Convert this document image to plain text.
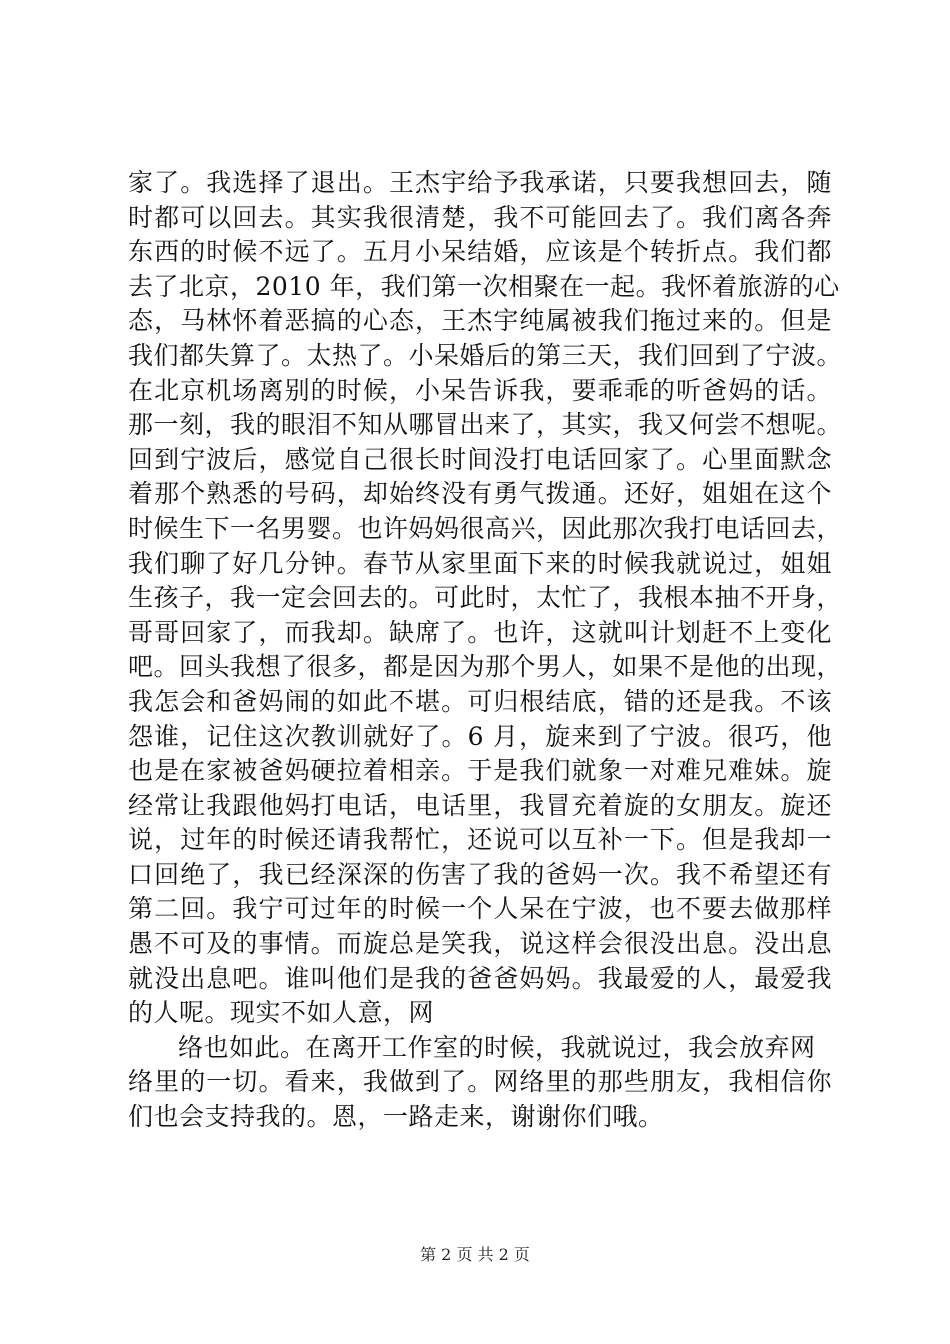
家了。我选择了退出。王杰宇给予我承诺，只要我想回去，随
时都可以回去。其实我很清楚，我不可能回去了。我们离各奔
东西的时候不远了。五月小呆结婚，应该是个转折点。我们都
去了北京，2010 年，我们第一次相聚在一起。我怀着旅游的心
态，马林怀着恶搞的心态，王杰宇纯属被我们拖过来的。但是
我们都失算了。太热了。小呆婚后的第三天，我们回到了宁波。
在北京机场离别的时候，小呆告诉我，要乖乖的听爸妈的话。
那一刻，我的眼泪不知从哪冒出来了，其实，我又何尝不想呢。
回到宁波后，感觉自己很长时间没打电话回家了。心里面默念
着那个熟悉的号码，却始终没有勇气拨通。还好，姐姐在这个
时候生下一名男婴。也许妈妈很高兴，因此那次我打电话回去，
我们聊了好几分钟。春节从家里面下来的时候我就说过，姐姐
生孩子，我一定会回去的。可此时，太忙了，我根本抽不开身，
哥哥回家了，而我却。缺席了。也许，这就叫计划赶不上变化
吧。回头我想了很多，都是因为那个男人，如果不是他的出现，
我怎会和爸妈闹的如此不堪。可归根结底，错的还是我。不该
怨谁，记住这次教训就好了。6 月，旋来到了宁波。很巧，他
也是在家被爸妈硬拉着相亲。于是我们就象一对难兄难妹。旋
经常让我跟他妈打电话，电话里，我冒充着旋的女朋友。旋还
说，过年的时候还请我帮忙，还说可以互补一下。但是我却一
口回绝了，我已经深深的伤害了我的爸妈一次。我不希望还有
第二回。我宁可过年的时候一个人呆在宁波，也不要去做那样
愚不可及的事情。而旋总是笑我，说这样会很没出息。没出息
就没出息吧。谁叫他们是我的爸爸妈妈。我最爱的人，最爱我
的人呢。现实不如人意，网
络也如此。在离开工作室的时候，我就说过，我会放弃网
络里的一切。看来，我做到了。网络里的那些朋友，我相信你
们也会支持我的。恩，一路走来，谢谢你们哦。
第 2 页 共 2 页
